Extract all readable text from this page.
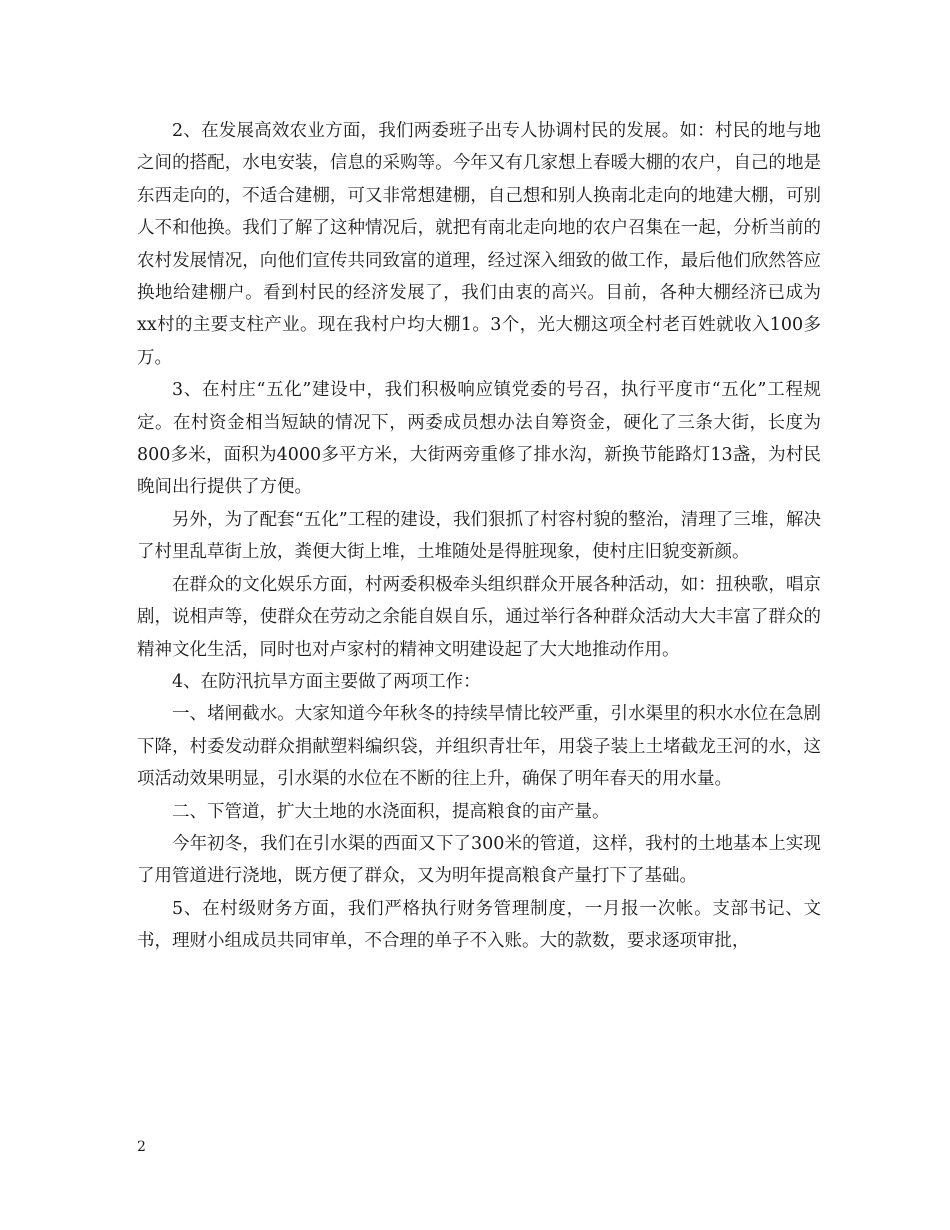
2、在发展高效农业方面，我们两委班子出专人协调村民的发展。如：村民的地与地之间的搭配，水电安装，信息的采购等。今年又有几家想上春暖大棚的农户，自己的地是东西走向的，不适合建棚，可又非常想建棚，自己想和别人换南北走向的地建大棚，可别人不和他换。我们了解了这种情况后，就把有南北走向地的农户召集在一起，分析当前的农村发展情况，向他们宣传共同致富的道理，经过深入细致的做工作，最后他们欣然答应换地给建棚户。看到村民的经济发展了，我们由衷的高兴。目前，各种大棚经济已成为xx村的主要支柱产业。现在我村户均大棚1。3个，光大棚这项全村老百姓就收入100多万。

3、在村庄“五化”建设中，我们积极响应镇党委的号召，执行平度市“五化”工程规定。在村资金相当短缺的情况下，两委成员想办法自筹资金，硬化了三条大街，长度为800多米，面积为4000多平方米，大街两旁重修了排水沟，新换节能路灯13盏，为村民晚间出行提供了方便。

另外，为了配套“五化”工程的建设，我们狠抓了村容村貌的整治，清理了三堆，解决了村里乱草街上放，粪便大街上堆，土堆随处是得脏现象，使村庄旧貌变新颜。

在群众的文化娱乐方面，村两委积极牵头组织群众开展各种活动，如：扭秧歌，唱京剧，说相声等，使群众在劳动之余能自娱自乐，通过举行各种群众活动大大丰富了群众的精神文化生活，同时也对卢家村的精神文明建设起了大大地推动作用。

4、在防汛抗旱方面主要做了两项工作：

一、堵闸截水。大家知道今年秋冬的持续旱情比较严重，引水渠里的积水水位在急剧下降，村委发动群众捐献塑料编织袋，并组织青壮年，用袋子装上土堵截龙王河的水，这项活动效果明显，引水渠的水位在不断的往上升，确保了明年春天的用水量。

二、下管道，扩大土地的水浇面积，提高粮食的亩产量。

今年初冬，我们在引水渠的西面又下了300米的管道，这样，我村的土地基本上实现了用管道进行浇地，既方便了群众，又为明年提高粮食产量打下了基础。

5、在村级财务方面，我们严格执行财务管理制度，一月报一次帐。支部书记、文书，理财小组成员共同审单，不合理的单子不入账。大的款数，要求逐项审批，

2
